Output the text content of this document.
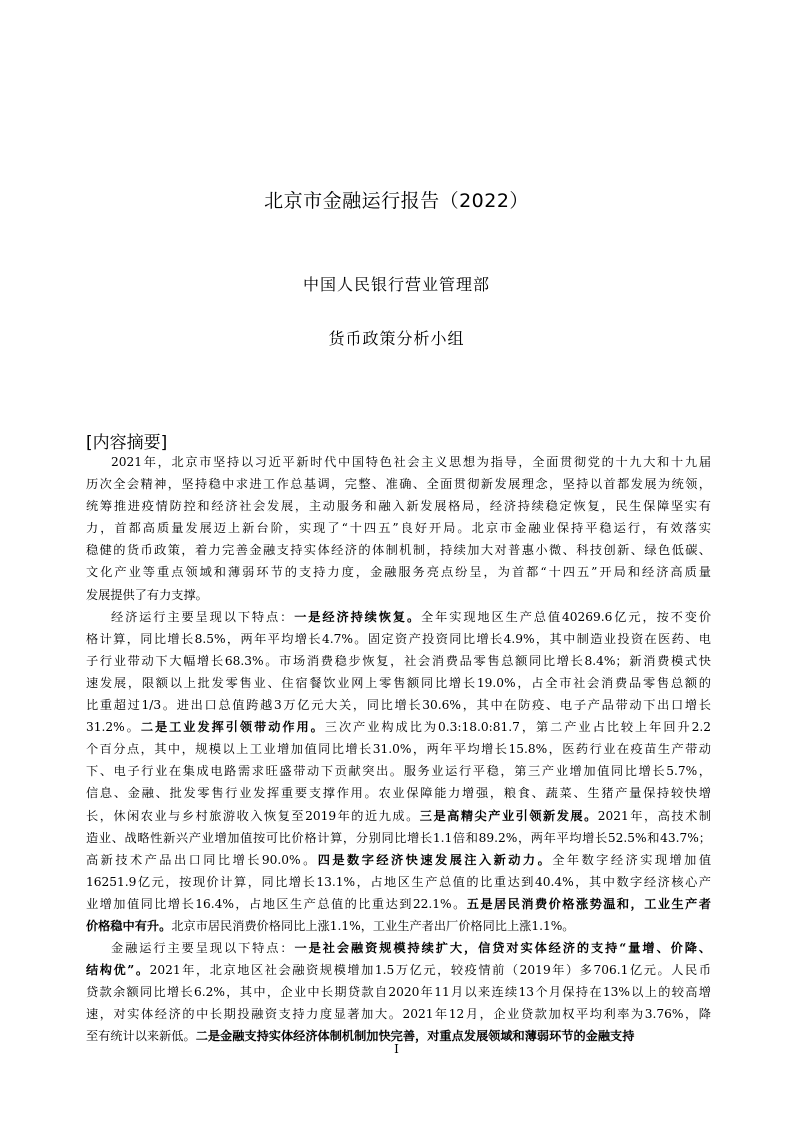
北京市金融运行报告（2022）
中国人民银行营业管理部
货币政策分析小组
[内容摘要]
2021年，北京市坚持以习近平新时代中国特色社会主义思想为指导，全面贯彻党的十九大和十九届
历次全会精神，坚持稳中求进工作总基调，完整、准确、全面贯彻新发展理念，坚持以首都发展为统领，
统筹推进疫情防控和经济社会发展，主动服务和融入新发展格局，经济持续稳定恢复，民生保障坚实有
力，首都高质量发展迈上新台阶，实现了“十四五”良好开局。北京市金融业保持平稳运行，有效落实
稳健的货币政策，着力完善金融支持实体经济的体制机制，持续加大对普惠小微、科技创新、绿色低碳、
文化产业等重点领域和薄弱环节的支持力度，金融服务亮点纷呈，为首都“十四五”开局和经济高质量
发展提供了有力支撑。
经济运行主要呈现以下特点：一是经济持续恢复。全年实现地区生产总值40269.6亿元，按不变价
格计算，同比增长8.5%，两年平均增长4.7%。固定资产投资同比增长4.9%，其中制造业投资在医药、电
子行业带动下大幅增长68.3%。市场消费稳步恢复，社会消费品零售总额同比增长8.4%；新消费模式快
速发展，限额以上批发零售业、住宿餐饮业网上零售额同比增长19.0%，占全市社会消费品零售总额的
比重超过1/3。进出口总值跨越3万亿元大关，同比增长30.6%，其中在防疫、电子产品带动下出口增长
31.2%。二是工业发挥引领带动作用。三次产业构成比为0.3:18.0:81.7，第二产业占比较上年回升2.2
个百分点，其中，规模以上工业增加值同比增长31.0%，两年平均增长15.8%，医药行业在疫苗生产带动
下、电子行业在集成电路需求旺盛带动下贡献突出。服务业运行平稳，第三产业增加值同比增长5.7%，
信息、金融、批发零售行业发挥重要支撑作用。农业保障能力增强，粮食、蔬菜、生猪产量保持较快增
长，休闲农业与乡村旅游收入恢复至2019年的近九成。三是高精尖产业引领新发展。2021年，高技术制
造业、战略性新兴产业增加值按可比价格计算，分别同比增长1.1倍和89.2%，两年平均增长52.5%和43.7%；
高新技术产品出口同比增长90.0%。四是数字经济快速发展注入新动力。全年数字经济实现增加值
16251.9亿元，按现价计算，同比增长13.1%，占地区生产总值的比重达到40.4%，其中数字经济核心产
业增加值同比增长16.4%，占地区生产总值的比重达到22.1%。五是居民消费价格涨势温和，工业生产者
价格稳中有升。北京市居民消费价格同比上涨1.1%，工业生产者出厂价格同比上涨1.1%。
金融运行主要呈现以下特点：一是社会融资规模持续扩大，信贷对实体经济的支持“量增、价降、
结构优”。2021年，北京地区社会融资规模增加1.5万亿元，较疫情前（2019年）多706.1亿元。人民币
贷款余额同比增长6.2%，其中，企业中长期贷款自2020年11月以来连续13个月保持在13%以上的较高增
速，对实体经济的中长期投融资支持力度显著加大。2021年12月，企业贷款加权平均利率为3.76%，降
至有统计以来新低。二是金融支持实体经济体制机制加快完善，对重点发展领域和薄弱环节的金融支持
I
